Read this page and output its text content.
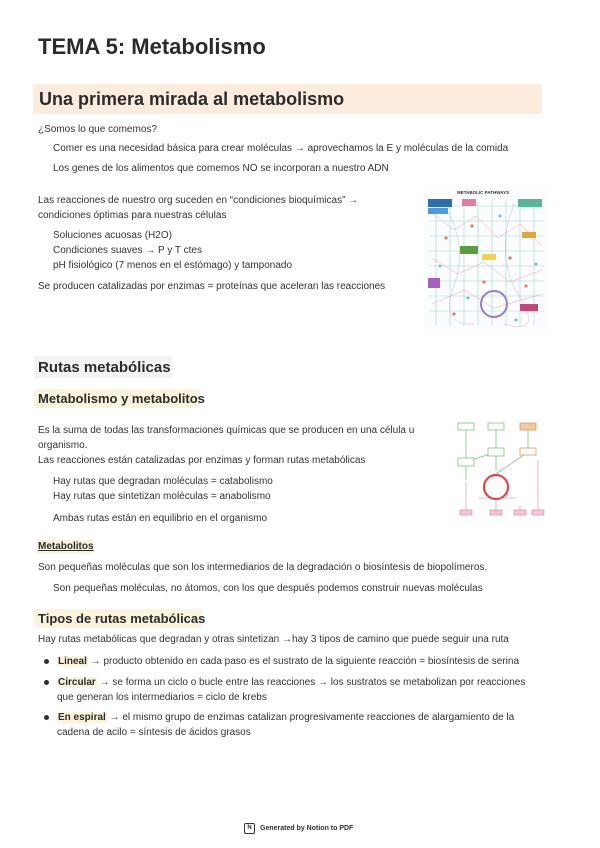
TEMA 5: Metabolismo
Una primera mirada al metabolismo
¿Somos lo que comemos?
Comer es una necesidad básica para crear moléculas → aprovechamos la E y moléculas de la comida
Los genes de los alimentos que comemos NO se incorporan a nuestro ADN
Las reacciones de nuestro org suceden en “condiciones bioquímicas” →
condiciones óptimas para nuestras células
Soluciones acuosas (H2O)
Condiciones suaves → P y T ctes
pH fisiológico (7 menos en el estómago) y tamponado
Se producen catalizadas por enzimas = proteínas que aceleran las reacciones
METABOLIC PATHWAYS
Rutas metabólicas
Metabolismo y metabolitos
Es la suma de todas las transformaciones químicas que se producen en una célula u
organismo.
Las reacciones están catalizadas por enzimas y forman rutas metabólicas
Hay rutas que degradan moléculas = catabolismo
Hay rutas que sintetizan moléculas = anabolismo
Ambas rutas están en equilibrio en el organismo
Metabolitos
Son pequeñas moléculas que son los intermediarios de la degradación o biosíntesis de biopolímeros.
Son pequeñas moléculas, no átomos, con los que después podemos construir nuevas moléculas
Tipos de rutas metabólicas
Hay rutas metabólicas que degradan y otras sintetizan →hay 3 tipos de camino que puede seguir una ruta
Lineal → producto obtenido en cada paso es el sustrato de la siguiente reacción = biosíntesis de serina
Circular → se forma un ciclo o bucle entre las reacciones → los sustratos se metabolizan por reacciones
que generan los intermediarios = ciclo de krebs
En espiral → el mismo grupo de enzimas catalizan progresivamente reacciones de alargamiento de la
cadena de acilo = síntesis de ácidos grasos
N	Generated by Notion to PDF
